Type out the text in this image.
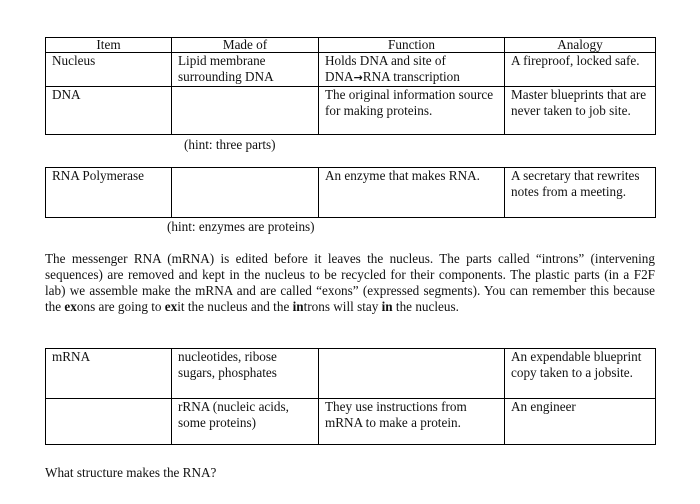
Item	Made of	Function	Analogy
Nucleus	Lipid membrane surrounding DNA	Holds DNA and site of DNA→RNA transcription	A fireproof, locked safe.
DNA		The original information source for making proteins.	Master blueprints that are never taken to job site.
(hint: three parts)
RNA Polymerase		An enzyme that makes RNA.	A secretary that rewrites notes from a meeting.
(hint: enzymes are proteins)
The messenger RNA (mRNA) is edited before it leaves the nucleus. The parts called “introns” (intervening sequences) are removed and kept in the nucleus to be recycled for their components. The plastic parts (in a F2F lab) we assemble make the mRNA and are called “exons” (expressed segments). You can remember this because the exons are going to exit the nucleus and the introns will stay in the nucleus.
mRNA	nucleotides, ribose sugars, phosphates		An expendable blueprint copy taken to a jobsite.
	rRNA (nucleic acids, some proteins)	They use instructions from mRNA to make a protein.	An engineer
What structure makes the RNA?
